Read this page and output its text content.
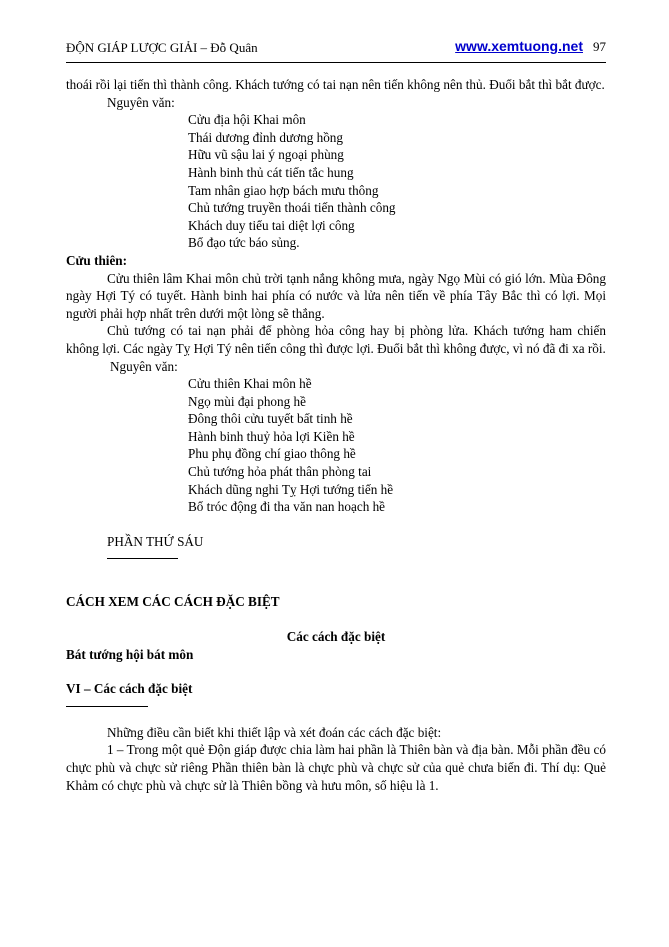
ĐỘN GIÁP LƯỢC GIẢI – Đỗ Quân	www.xemtuong.net 97

thoái rồi lại tiến thì thành công. Khách tướng có tai nạn nên tiến không nên thủ. Đuổi bắt thì bắt được.

Nguyên văn:
Cửu địa hội Khai môn
Thái dương đỉnh dương hồng
Hữu vũ sậu lai ý ngoại phùng
Hành binh thủ cát tiến tắc hung
Tam nhân giao hợp bách mưu thông
Chủ tướng truyền thoái tiến thành công
Khách duy tiểu tai diệt lợi công
Bổ đạo tức báo sủng.
Cửu thiên:

Cửu thiên lâm Khai môn chủ trời tạnh nắng không mưa, ngày Ngọ Mùi có gió lớn. Mùa Đông ngày Hợi Tý có tuyết. Hành binh hai phía có nước và lửa nên tiến về phía Tây Bắc thì có lợi. Mọi người phải hợp nhất trên dưới một lòng sẽ thắng.

Chủ tướng có tai nạn phải để phòng hỏa công hay bị phòng lửa. Khách tướng ham chiến không lợi. Các ngày Tỵ Hợi Tý nên tiến công thì được lợi. Đuổi bắt thì không được, vì nó đã đi xa rồi.

Nguyên văn:
Cửu thiên Khai môn hề
Ngọ mùi đại phong hề
Đông thôi cửu tuyết bất tinh hề
Hành binh thuỷ hỏa lợi Kiền hề
Phu phụ đồng chí giao thông hề
Chủ tướng hỏa phát thân phòng tai
Khách dũng nghi Tỵ Hợi tướng tiến hề
Bổ tróc động đi tha văn nan hoạch hề
PHẦN THỨ SÁU
CÁCH XEM CÁC CÁCH ĐẶC BIỆT
Các cách đặc biệt
Bát tướng hội bát môn
VI – Các cách đặc biệt

Những điều cần biết khi thiết lập và xét đoán các cách đặc biệt:

1 – Trong một quẻ Độn giáp được chia làm hai phần là Thiên bàn và địa bàn. Mỗi phần đều có chực phù và chực sử riêng Phần thiên bàn là chực phù và chực sử của quẻ chưa biến đi. Thí dụ: Quẻ Khảm có chực phù và chực sử là Thiên bồng và hưu môn, số hiệu là 1.
